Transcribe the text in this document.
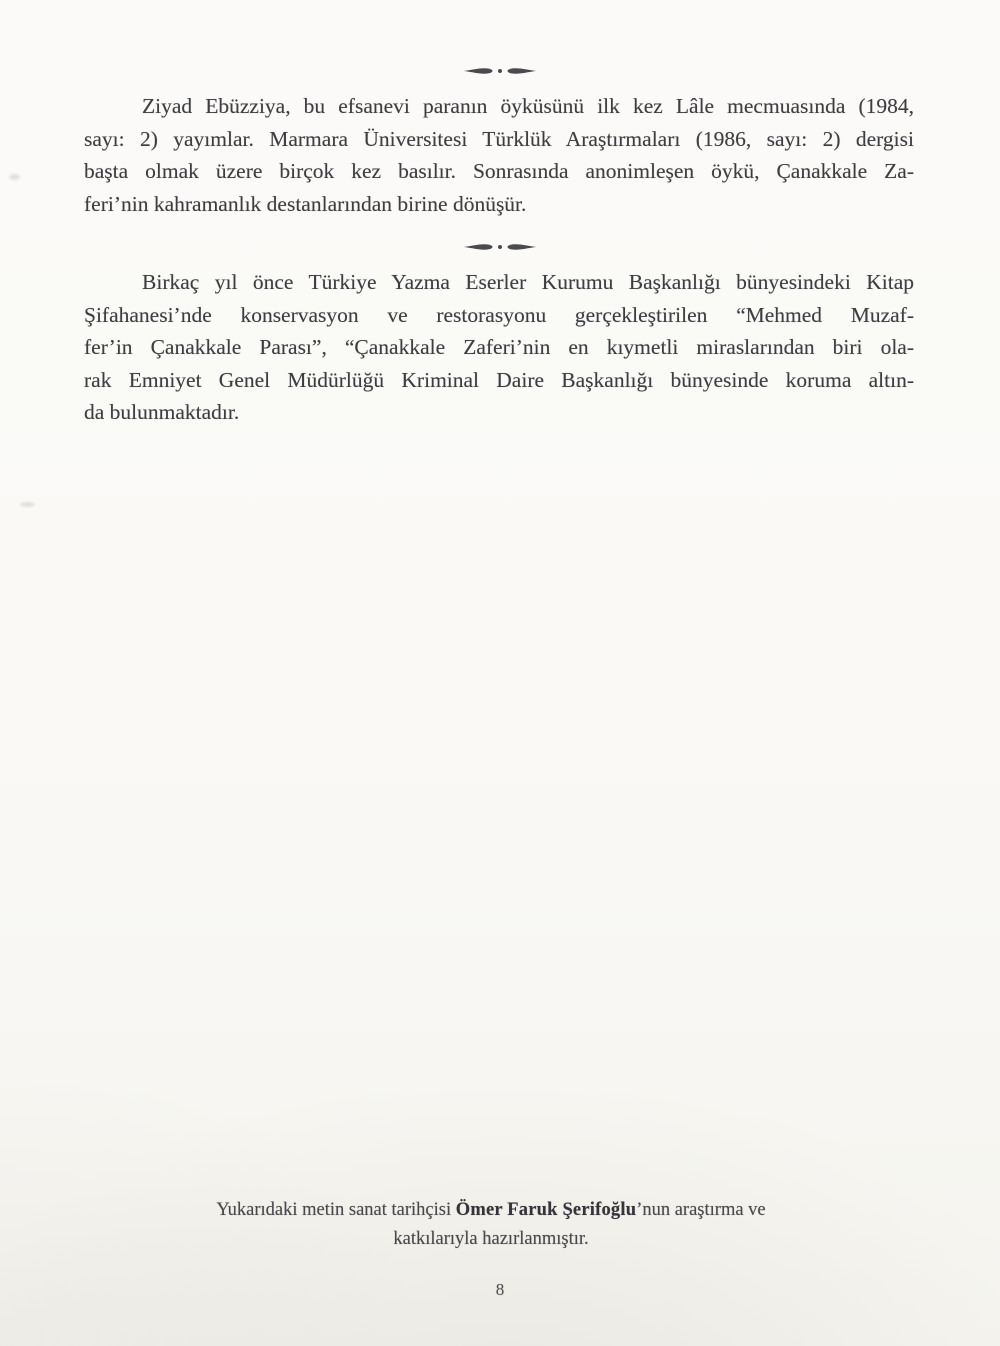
Ziyad Ebüzziya, bu efsanevi paranın öyküsünü ilk kez Lâle mecmuasında (1984,
sayı: 2) yayımlar. Marmara Üniversitesi Türklük Araştırmaları (1986, sayı: 2) dergisi
başta olmak üzere birçok kez basılır. Sonrasında anonimleşen öykü, Çanakkale Za-
feri’nin kahramanlık destanlarından birine dönüşür.
Birkaç yıl önce Türkiye Yazma Eserler Kurumu Başkanlığı bünyesindeki Kitap
Şifahanesi’nde konservasyon ve restorasyonu gerçekleştirilen “Mehmed Muzaf-
fer’in Çanakkale Parası”, “Çanakkale Zaferi’nin en kıymetli miraslarından biri ola-
rak Emniyet Genel Müdürlüğü Kriminal Daire Başkanlığı bünyesinde koruma altın-
da bulunmaktadır.
Yukarıdaki metin sanat tarihçisi Ömer Faruk Şerifoğlu’nun araştırma ve
katkılarıyla hazırlanmıştır.
8
